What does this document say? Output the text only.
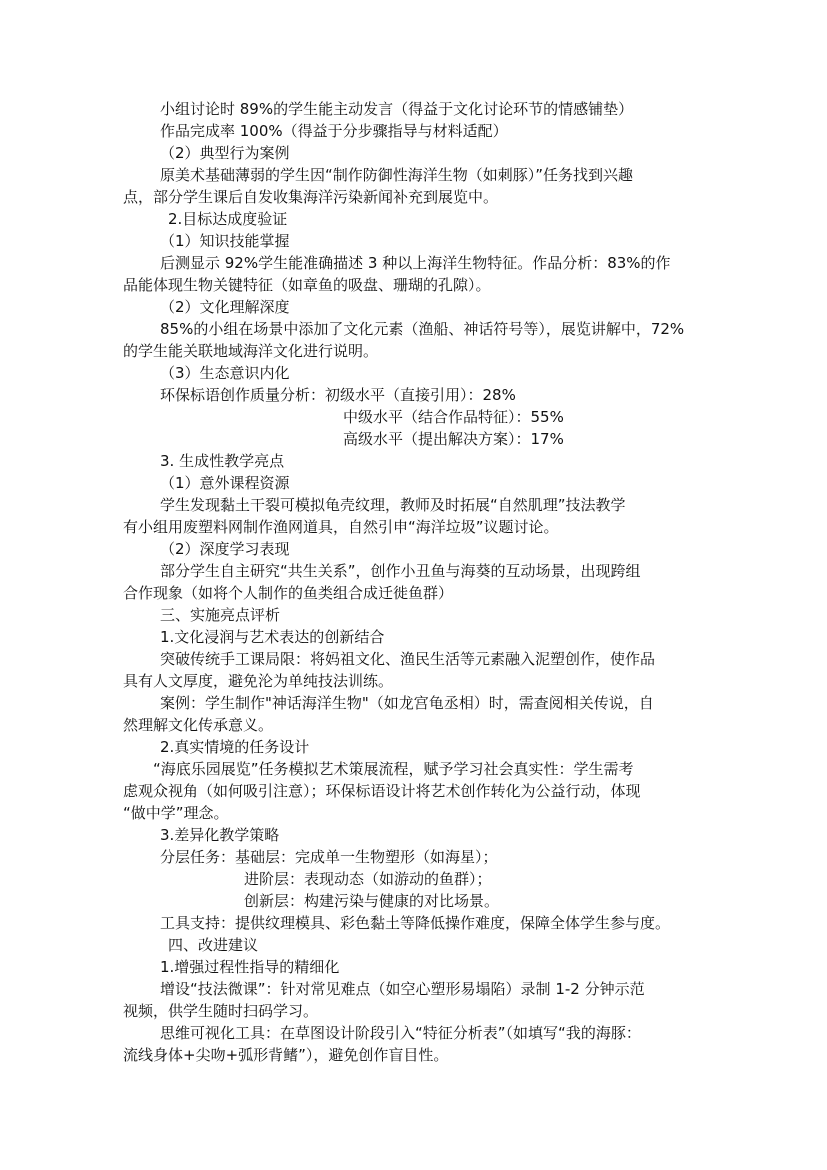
小组讨论时 89%的学生能主动发言（得益于文化讨论环节的情感铺垫）
作品完成率 100%（得益于分步骤指导与材料适配）
（2）典型行为案例
原美术基础薄弱的学生因“制作防御性海洋生物（如刺豚）”任务找到兴趣
点，部分学生课后自发收集海洋污染新闻补充到展览中。
2.目标达成度验证
（1）知识技能掌握
后测显示 92%学生能准确描述 3 种以上海洋生物特征。作品分析：83%的作
品能体现生物关键特征（如章鱼的吸盘、珊瑚的孔隙）。
（2）文化理解深度
85%的小组在场景中添加了文化元素（渔船、神话符号等），展览讲解中，72%
的学生能关联地域海洋文化进行说明。
（3）生态意识内化
环保标语创作质量分析：初级水平（直接引用）：28%
中级水平（结合作品特征）：55%
高级水平（提出解决方案）：17%
3. 生成性教学亮点
（1）意外课程资源
学生发现黏土干裂可模拟龟壳纹理，教师及时拓展“自然肌理”技法教学
有小组用废塑料网制作渔网道具，自然引申“海洋垃圾”议题讨论。
（2）深度学习表现
部分学生自主研究“共生关系”，创作小丑鱼与海葵的互动场景，出现跨组
合作现象（如将个人制作的鱼类组合成迁徙鱼群）
三、实施亮点评析
1.文化浸润与艺术表达的创新结合
突破传统手工课局限：将妈祖文化、渔民生活等元素融入泥塑创作，使作品
具有人文厚度，避免沦为单纯技法训练。
案例：学生制作"神话海洋生物"（如龙宫龟丞相）时，需查阅相关传说，自
然理解文化传承意义。
2.真实情境的任务设计
“海底乐园展览”任务模拟艺术策展流程，赋予学习社会真实性：学生需考
虑观众视角（如何吸引注意）；环保标语设计将艺术创作转化为公益行动，体现
“做中学”理念。
3.差异化教学策略
分层任务：基础层：完成单一生物塑形（如海星）；
进阶层：表现动态（如游动的鱼群）；
创新层：构建污染与健康的对比场景。
工具支持：提供纹理模具、彩色黏土等降低操作难度，保障全体学生参与度。
四、改进建议
1.增强过程性指导的精细化
增设“技法微课”：针对常见难点（如空心塑形易塌陷）录制 1-2 分钟示范
视频，供学生随时扫码学习。
思维可视化工具：在草图设计阶段引入“特征分析表”（如填写“我的海豚：
流线身体+尖吻+弧形背鳍”），避免创作盲目性。
